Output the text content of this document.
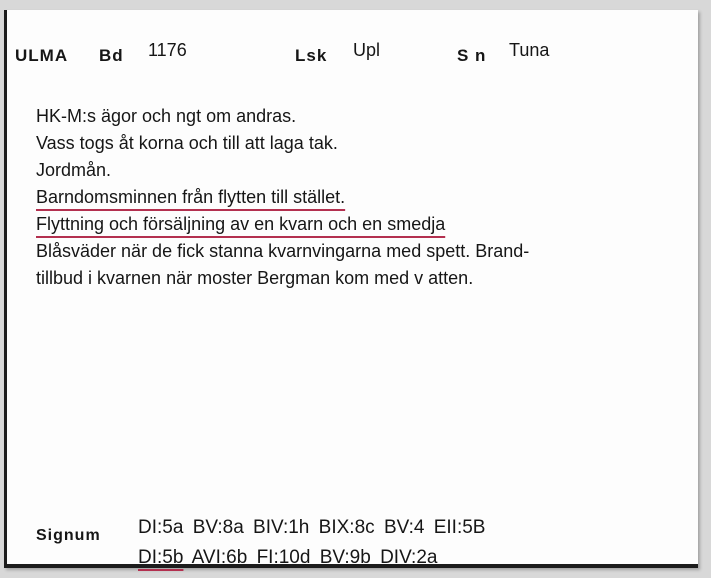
ULMA Bd 1176	Lsk Upl	S n Tuna
HK-M:s ägor och ngt om andras.
Vass togs åt korna och till att laga tak.
Jordmån.
Barndomsminnen från flytten till stället.
Flyttning och försäljning av en kvarn och en smedja
Blåsväder när de fick stanna kvarnvingarna med spett. Brand-
tillbud i kvarnen när moster Bergman kom med v atten.
Signum DI:5a BV:8a BIV:1h BIX:8c BV:4 EII:5B
DI:5b AVI:6b FI:10d BV:9b DIV:2a
